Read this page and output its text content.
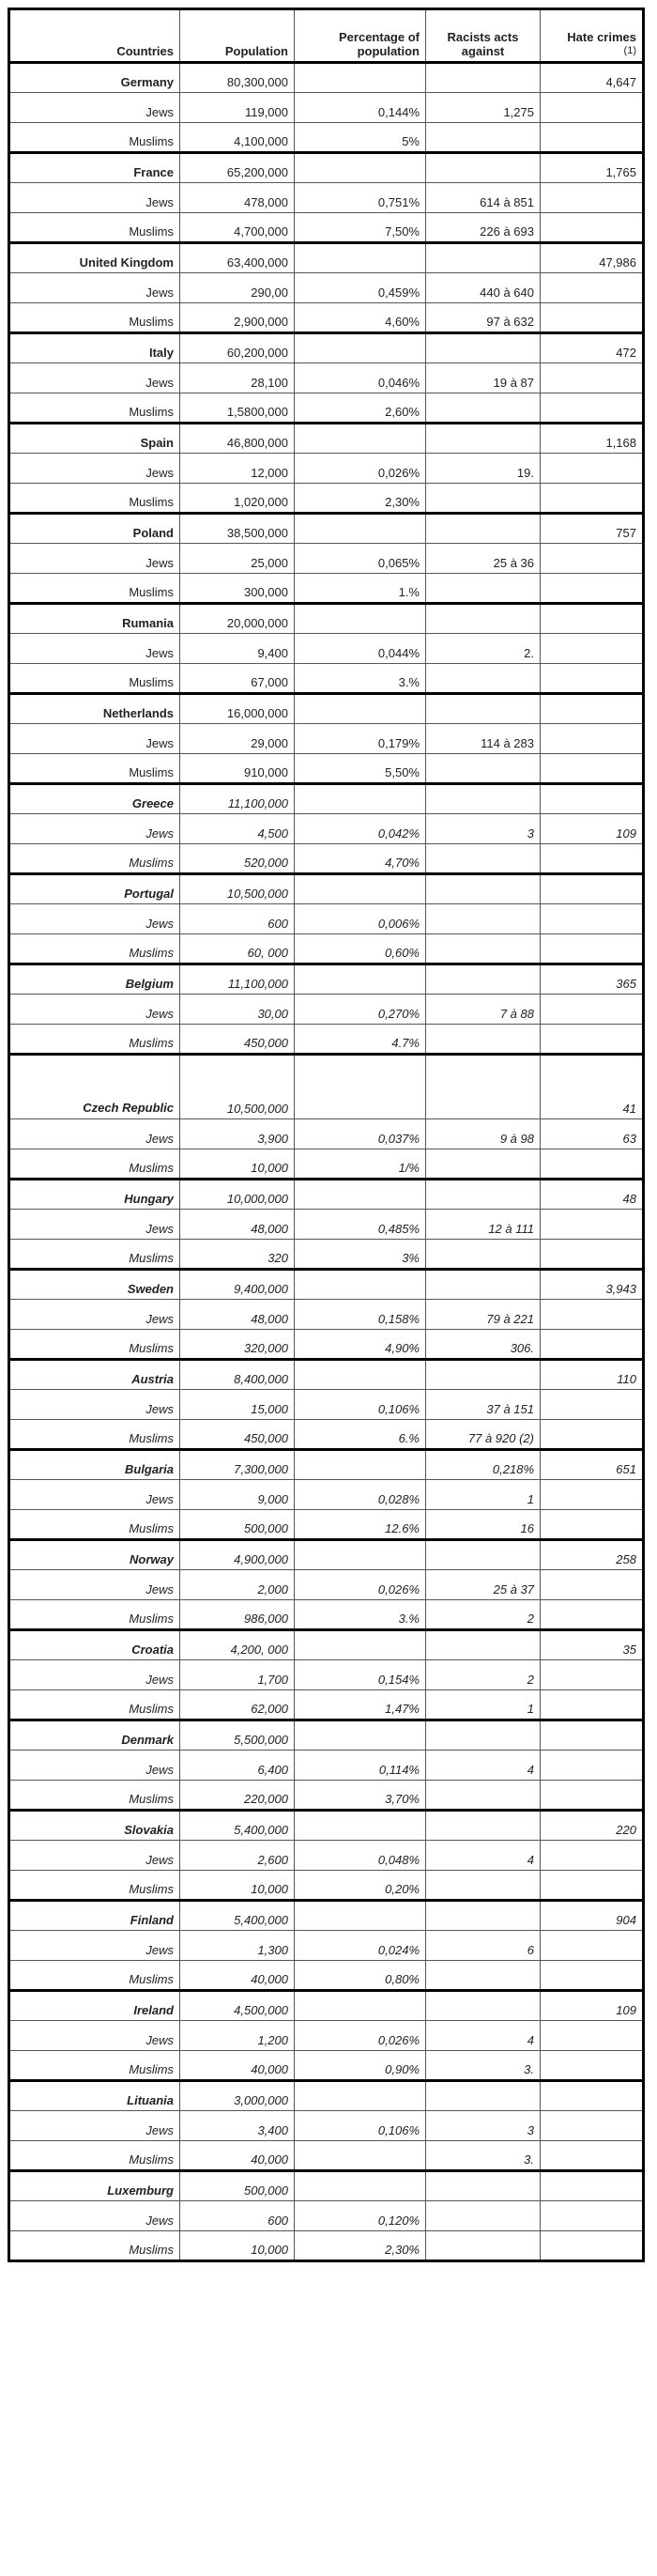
Countries	Population	Percentage of population	Racists acts against	Hate crimes
(1)

Germany	80,300,000			4,647
Jews	119,000	0,144%	1,275	
Muslims	4,100,000	5%		
France	65,200,000			1,765
Jews	478,000	0,751%	614 à 851	
Muslims	4,700,000	7,50%	226 à 693	
United Kingdom	63,400,000			47,986
Jews	290,00	0,459%	440 à 640	
Muslims	2,900,000	4,60%	97 à 632	
Italy	60,200,000			472
Jews	28,100	0,046%	19 à 87	
Muslims	1,5800,000	2,60%		
Spain	46,800,000			1,168
Jews	12,000	0,026%	19.	
Muslims	1,020,000	2,30%		
Poland	38,500,000			757
Jews	25,000	0,065%	25 à 36	
Muslims	300,000	1.%		
Rumania	20,000,000			
Jews	9,400	0,044%	2.	
Muslims	67,000	3.%		
Netherlands	16,000,000			
Jews	29,000	0,179%	114 à 283	
Muslims	910,000	5,50%		
Greece	11,100,000			
Jews	4,500	0,042%	3	109
Muslims	520,000	4,70%		
Portugal	10,500,000			
Jews	600	0,006%		
Muslims	60, 000	0,60%		
Belgium	11,100,000			365
Jews	30,00	0,270%	7 à 88	
Muslims	450,000	4.7%		
Czech Republic	10,500,000			41
Jews	3,900	0,037%	9 à 98	63
Muslims	10,000	1/%		
Hungary	10,000,000			48
Jews	48,000	0,485%	12 à 111	
Muslims	320	3%		
Sweden	9,400,000			3,943
Jews	48,000	0,158%	79 à 221	
Muslims	320,000	4,90%	306.	
Austria	8,400,000			110
Jews	15,000	0,106%	37 à 151	
Muslims	450,000	6.%	77 à 920 (2)	
Bulgaria	7,300,000		0,218%	651
Jews	9,000	0,028%	1	
Muslims	500,000	12.6%	16	
Norway	4,900,000			258
Jews	2,000	0,026%	25 à 37	
Muslims	986,000	3.%	2	
Croatia	4,200, 000			35
Jews	1,700	0,154%	2	
Muslims	62,000	1,47%	1	
Denmark	5,500,000			
Jews	6,400	0,114%	4	
Muslims	220,000	3,70%		
Slovakia	5,400,000			220
Jews	2,600	0,048%	4	
Muslims	10,000	0,20%		
Finland	5,400,000			904
Jews	1,300	0,024%	6	
Muslims	40,000	0,80%		
Ireland	4,500,000			109
Jews	1,200	0,026%	4	
Muslims	40,000	0,90%	3.	
Lituania	3,000,000			
Jews	3,400	0,106%	3	
Muslims	40,000		3.	
Luxemburg	500,000			
Jews	600	0,120%		
Muslims	10,000	2,30%		
